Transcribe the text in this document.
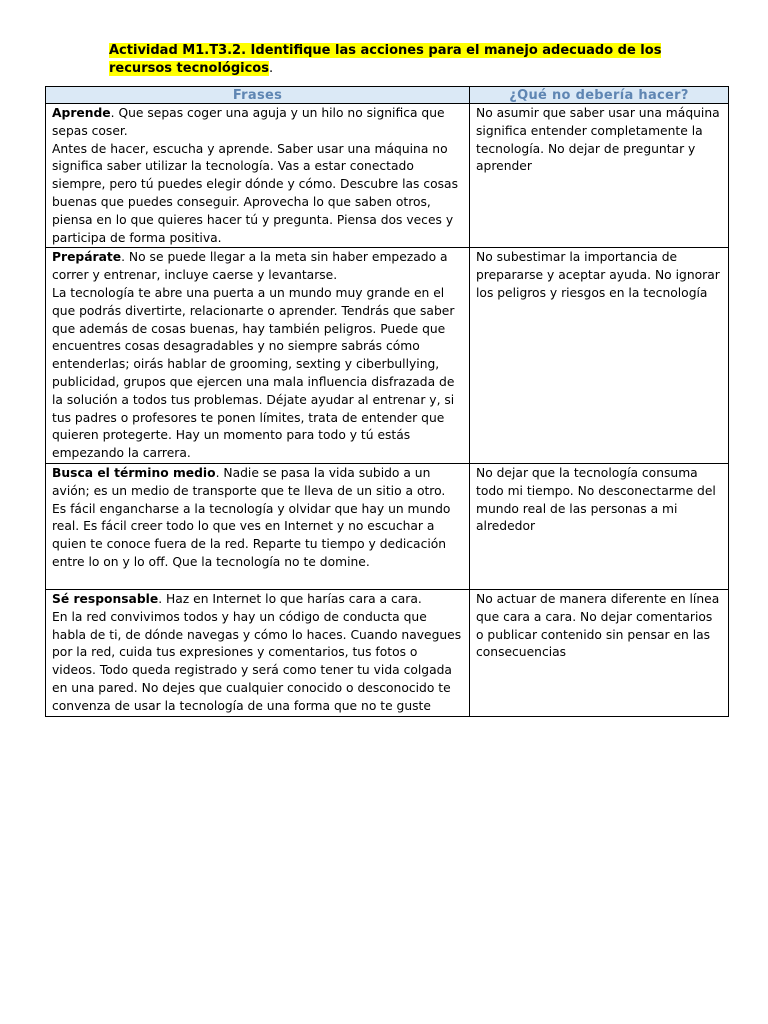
Actividad M1.T3.2. Identifique las acciones para el manejo adecuado de los recursos tecnológicos.
Frases	¿Qué no debería hacer?
Aprende. Que sepas coger una aguja y un hilo no significa que sepas coser.
Antes de hacer, escucha y aprende. Saber usar una máquina no significa saber utilizar la tecnología. Vas a estar conectado siempre, pero tú puedes elegir dónde y cómo. Descubre las cosas buenas que puedes conseguir. Aprovecha lo que saben otros, piensa en lo que quieres hacer tú y pregunta. Piensa dos veces y participa de forma positiva.	No asumir que saber usar una máquina significa entender completamente la tecnología. No dejar de preguntar y aprender
Prepárate. No se puede llegar a la meta sin haber empezado a correr y entrenar, incluye caerse y levantarse.
La tecnología te abre una puerta a un mundo muy grande en el que podrás divertirte, relacionarte o aprender. Tendrás que saber que además de cosas buenas, hay también peligros. Puede que encuentres cosas desagradables y no siempre sabrás cómo entenderlas; oirás hablar de grooming, sexting y ciberbullying, publicidad, grupos que ejercen una mala influencia disfrazada de la solución a todos tus problemas. Déjate ayudar al entrenar y, si tus padres o profesores te ponen límites, trata de entender que quieren protegerte. Hay un momento para todo y tú estás empezando la carrera.	No subestimar la importancia de prepararse y aceptar ayuda. No ignorar los peligros y riesgos en la tecnología
Busca el término medio. Nadie se pasa la vida subido a un avión; es un medio de transporte que te lleva de un sitio a otro.
Es fácil engancharse a la tecnología y olvidar que hay un mundo real. Es fácil creer todo lo que ves en Internet y no escuchar a quien te conoce fuera de la red. Reparte tu tiempo y dedicación entre lo on y lo off. Que la tecnología no te domine.	No dejar que la tecnología consuma todo mi tiempo. No desconectarme del mundo real de las personas a mi alrededor
Sé responsable. Haz en Internet lo que harías cara a cara.
En la red convivimos todos y hay un código de conducta que habla de ti, de dónde navegas y cómo lo haces. Cuando navegues por la red, cuida tus expresiones y comentarios, tus fotos o videos. Todo queda registrado y será como tener tu vida colgada en una pared. No dejes que cualquier conocido o desconocido te convenza de usar la tecnología de una forma que no te guste	No actuar de manera diferente en línea que cara a cara. No dejar comentarios o publicar contenido sin pensar en las consecuencias
